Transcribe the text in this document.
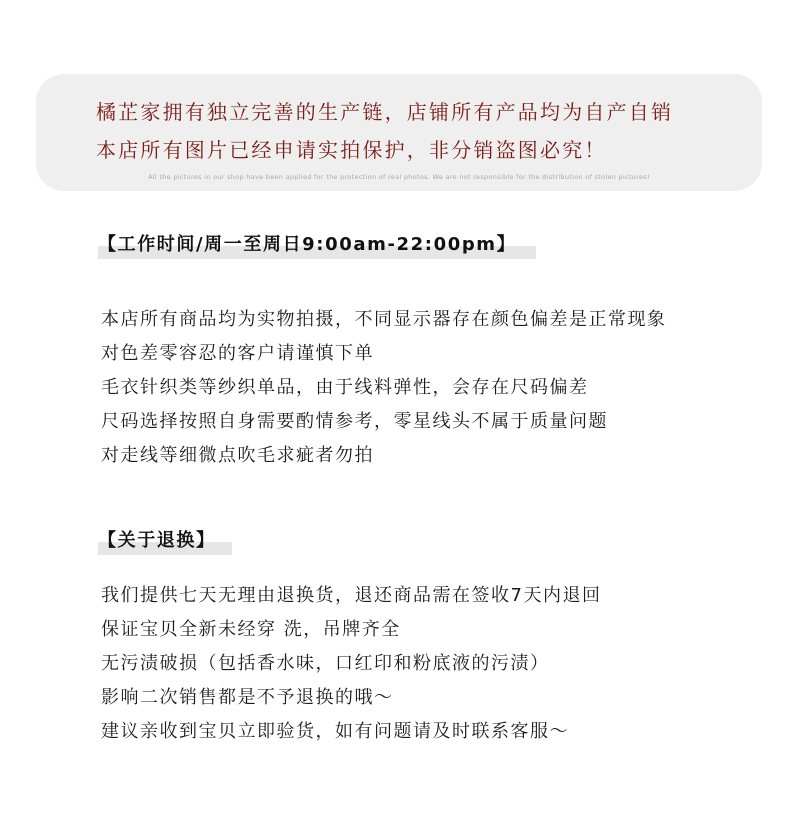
橘芷家拥有独立完善的生产链，店铺所有产品均为自产自销
本店所有图片已经申请实拍保护，非分销盗图必究！
All the pictures in our shop have been applied for the protection of real photos. We are not responsible for the distribution of stolen pictures!
【工作时间/周一至周日9:00am-22:00pm】
本店所有商品均为实物拍摄，不同显示器存在颜色偏差是正常现象
对色差零容忍的客户请谨慎下单
毛衣针织类等纱织单品，由于线料弹性，会存在尺码偏差
尺码选择按照自身需要酌情参考，零星线头不属于质量问题
对走线等细微点吹毛求疵者勿拍
【关于退换】
我们提供七天无理由退换货，退还商品需在签收7天内退回
保证宝贝全新未经穿 洗，吊牌齐全
无污渍破损（包括香水味，口红印和粉底液的污渍）
影响二次销售都是不予退换的哦～
建议亲收到宝贝立即验货，如有问题请及时联系客服～
